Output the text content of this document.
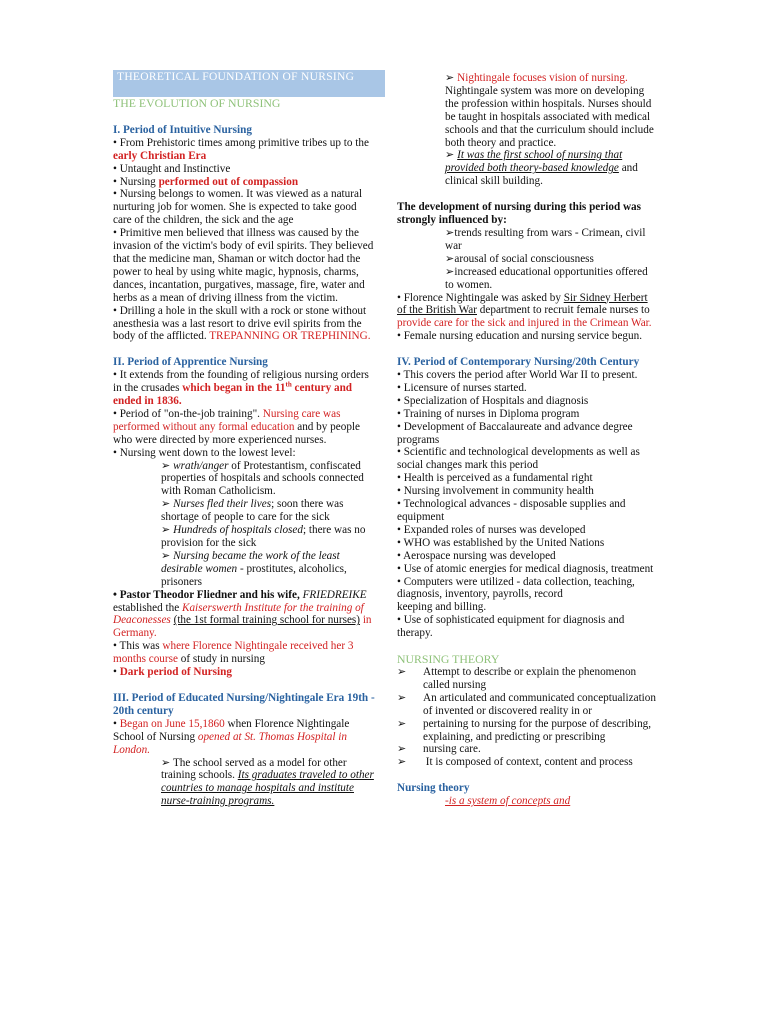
THEORETICAL FOUNDATION OF NURSING

THE EVOLUTION OF NURSING

I. Period of Intuitive Nursing

• From Prehistoric times among primitive tribes up to the early Christian Era

• Untaught and Instinctive

• Nursing performed out of compassion

• Nursing belongs to women. It was viewed as a natural nurturing job for women. She is expected to take good care of the children, the sick and the age

• Primitive men believed that illness was caused by the invasion of the victim's body of evil spirits. They believed that the medicine man, Shaman or witch doctor had the power to heal by using white magic, hypnosis, charms, dances, incantation, purgatives, massage, fire, water and herbs as a mean of driving illness from the victim.

• Drilling a hole in the skull with a rock or stone without anesthesia was a last resort to drive evil spirits from the body of the afflicted. TREPANNING OR TREPHINING.

II. Period of Apprentice Nursing

• It extends from the founding of religious nursing orders in the crusades which began in the 11th century and ended in 1836.

• Period of "on-the-job training". Nursing care was performed without any formal education and by people who were directed by more experienced nurses.

• Nursing went down to the lowest level:

➢ wrath/anger of Protestantism, confiscated properties of hospitals and schools connected with Roman Catholicism.

➢ Nurses fled their lives; soon there was shortage of people to care for the sick

➢ Hundreds of hospitals closed; there was no provision for the sick

➢ Nursing became the work of the least desirable women - prostitutes, alcoholics, prisoners

• Pastor Theodor Fliedner and his wife, FRIEDREIKE established the Kaiserswerth Institute for the training of Deaconesses (the 1st formal training school for nurses) in Germany.

• This was where Florence Nightingale received her 3 months course of study in nursing

• Dark period of Nursing

III. Period of Educated Nursing/Nightingale Era 19th - 20th century

• Began on June 15,1860 when Florence Nightingale School of Nursing opened at St. Thomas Hospital in London.

➢ The school served as a model for other training schools. Its graduates traveled to other countries to manage hospitals and institute nurse-training programs.

➢ Nightingale focuses vision of nursing. Nightingale system was more on developing the profession within hospitals. Nurses should be taught in hospitals associated with medical schools and that the curriculum should include both theory and practice.

➢ It was the first school of nursing that provided both theory-based knowledge and clinical skill building.

The development of nursing during this period was strongly influenced by:

➢trends resulting from wars - Crimean, civil war

➢arousal of social consciousness

➢increased educational opportunities offered to women.

• Florence Nightingale was asked by Sir Sidney Herbert of the British War department to recruit female nurses to provide care for the sick and injured in the Crimean War.

• Female nursing education and nursing service begun.

IV. Period of Contemporary Nursing/20th Century

• This covers the period after World War II to present.

• Licensure of nurses started.

• Specialization of Hospitals and diagnosis

• Training of nurses in Diploma program

• Development of Baccalaureate and advance degree programs

• Scientific and technological developments as well as social changes mark this period

• Health is perceived as a fundamental right

• Nursing involvement in community health

• Technological advances - disposable supplies and equipment

• Expanded roles of nurses was developed

• WHO was established by the United Nations

• Aerospace nursing was developed

• Use of atomic energies for medical diagnosis, treatment

• Computers were utilized - data collection, teaching, diagnosis, inventory, payrolls, record

keeping and billing.

• Use of sophisticated equipment for diagnosis and therapy.

NURSING THEORY

➢ Attempt to describe or explain the phenomenon called nursing

➢ An articulated and communicated conceptualization of invented or discovered reality in or

➢ pertaining to nursing for the purpose of describing, explaining, and predicting or prescribing

➢ nursing care.

➢ It is composed of context, content and process

Nursing theory

-is a system of concepts and
